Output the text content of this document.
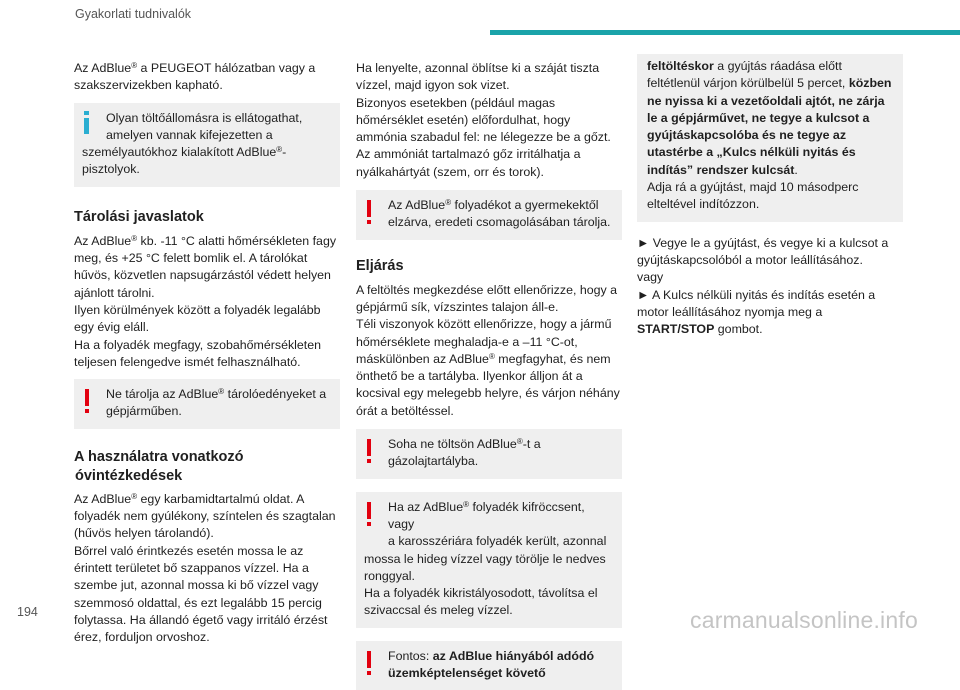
Gyakorlati tudnivalók

Az AdBlue® a PEUGEOT hálózatban vagy a szakszervizekben kapható.

Olyan töltőállomásra is ellátogathat,
amelyen vannak kifejezetten a
személyautókhoz kialakított AdBlue®-pisztolyok.
Tárolási javaslatok

Az AdBlue® kb. -11 °C alatti hőmérsékleten fagy meg, és +25 °C felett bomlik el. A tárolókat hűvös, közvetlen napsugárzástól védett helyen ajánlott tárolni.

Ilyen körülmények között a folyadék legalább egy évig eláll.

Ha a folyadék megfagy, szobahőmérsékleten teljesen felengedve ismét felhasználható.

Ne tárolja az AdBlue® tárolóedényeket a gépjárműben.
A használatra vonatkozó
óvintézkedések

Az AdBlue® egy karbamidtartalmú oldat. A folyadék nem gyúlékony, színtelen és szagtalan (hűvös helyen tárolandó).

Bőrrel való érintkezés esetén mossa le az érintett területet bő szappanos vízzel. Ha a szembe jut, azonnal mossa ki bő vízzel vagy szemmosó oldattal, és ezt legalább 15 percig folytassa. Ha állandó égető vagy irritáló érzést érez, forduljon orvoshoz.

Ha lenyelte, azonnal öblítse ki a száját tiszta vízzel, majd igyon sok vizet.

Bizonyos esetekben (például magas hőmérséklet esetén) előfordulhat, hogy ammónia szabadul fel: ne lélegezze be a gőzt. Az ammóniát tartalmazó gőz irritálhatja a nyálkahártyát (szem, orr és torok).

Az AdBlue® folyadékot a gyermekektől elzárva, eredeti csomagolásában tárolja.
Eljárás

A feltöltés megkezdése előtt ellenőrizze, hogy a gépjármű sík, vízszintes talajon áll-e.

Téli viszonyok között ellenőrizze, hogy a jármű hőmérséklete meghaladja-e a –11 °C-ot, máskülönben az AdBlue® megfagyhat, és nem önthető be a tartályba. Ilyenkor álljon át a kocsival egy melegebb helyre, és várjon néhány órát a betöltéssel.

Soha ne töltsön AdBlue®-t a gázolajtartályba.
Ha az AdBlue® folyadék kifröccsent, vagy
a karosszériára folyadék került, azonnal
mossa le hideg vízzel vagy törölje le nedves ronggyal.
Ha a folyadék kikristályosodott, távolítsa el szivaccsal és meleg vízzel.
Fontos: az AdBlue hiányából adódó üzemképtelenséget követő

feltöltéskor a gyújtás ráadása előtt feltétlenül várjon körülbelül 5 percet, közben ne nyissa ki a vezetőoldali ajtót, ne zárja le a gépjárművet, ne tegye a kulcsot a gyújtáskapcsolóba és ne tegye az utastérbe a „Kulcs nélküli nyitás és indítás” rendszer kulcsát.

Adja rá a gyújtást, majd 10 másodperc elteltével indítózzon.

► Vegye le a gyújtást, és vegye ki a kulcsot a gyújtáskapcsolóból a motor leállításához.

vagy

► A Kulcs nélküli nyitás és indítás esetén a motor leállításához nyomja meg a START/STOP gombot.

194	carmanualsonline.info
